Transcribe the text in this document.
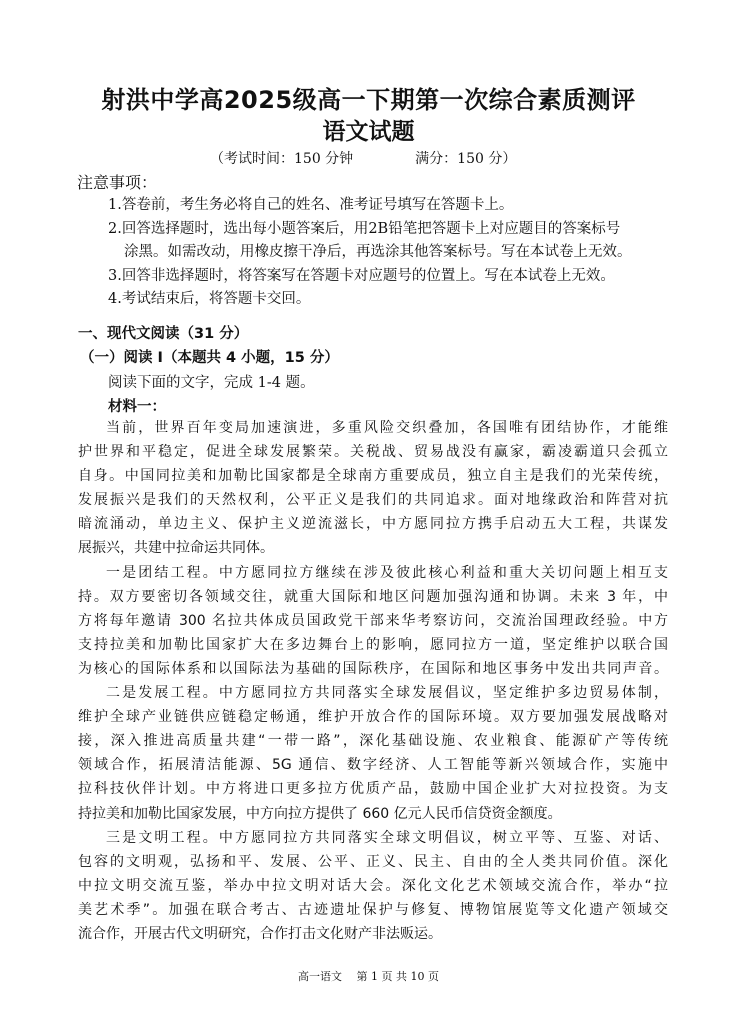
射洪中学高2025级高一下期第一次综合素质测评
语文试题
（考试时间：150 分钟	满分：150 分）
注意事项：
1.答卷前，考生务必将自己的姓名、准考证号填写在答题卡上。
2.回答选择题时，选出每小题答案后，用2B铅笔把答题卡上对应题目的答案标号
涂黑。如需改动，用橡皮擦干净后，再选涂其他答案标号。写在本试卷上无效。
3.回答非选择题时，将答案写在答题卡对应题号的位置上。写在本试卷上无效。
4.考试结束后，将答题卡交回。
一、现代文阅读（31 分）
（一）阅读 I（本题共 4 小题，15 分）
阅读下面的文字，完成 1-4 题。
材料一：
当前，世界百年变局加速演进，多重风险交织叠加，各国唯有团结协作，才能维
护世界和平稳定，促进全球发展繁荣。关税战、贸易战没有赢家，霸凌霸道只会孤立
自身。中国同拉美和加勒比国家都是全球南方重要成员，独立自主是我们的光荣传统，
发展振兴是我们的天然权利，公平正义是我们的共同追求。面对地缘政治和阵营对抗
暗流涌动，单边主义、保护主义逆流滋长，中方愿同拉方携手启动五大工程，共谋发
展振兴，共建中拉命运共同体。
一是团结工程。中方愿同拉方继续在涉及彼此核心利益和重大关切问题上相互支
持。双方要密切各领域交往，就重大国际和地区问题加强沟通和协调。未来 3 年，中
方将每年邀请 300 名拉共体成员国政党干部来华考察访问，交流治国理政经验。中方
支持拉美和加勒比国家扩大在多边舞台上的影响，愿同拉方一道，坚定维护以联合国
为核心的国际体系和以国际法为基础的国际秩序，在国际和地区事务中发出共同声音。
二是发展工程。中方愿同拉方共同落实全球发展倡议，坚定维护多边贸易体制，
维护全球产业链供应链稳定畅通，维护开放合作的国际环境。双方要加强发展战略对
接，深入推进高质量共建“一带一路”，深化基础设施、农业粮食、能源矿产等传统
领域合作，拓展清洁能源、5G 通信、数字经济、人工智能等新兴领域合作，实施中
拉科技伙伴计划。中方将进口更多拉方优质产品，鼓励中国企业扩大对拉投资。为支
持拉美和加勒比国家发展，中方向拉方提供了 660 亿元人民币信贷资金额度。
三是文明工程。中方愿同拉方共同落实全球文明倡议，树立平等、互鉴、对话、
包容的文明观，弘扬和平、发展、公平、正义、民主、自由的全人类共同价值。深化
中拉文明交流互鉴，举办中拉文明对话大会。深化文化艺术领域交流合作，举办“拉
美艺术季”。加强在联合考古、古迹遗址保护与修复、博物馆展览等文化遗产领域交
流合作，开展古代文明研究，合作打击文化财产非法贩运。
高一语文　 第 1 页 共 10 页
